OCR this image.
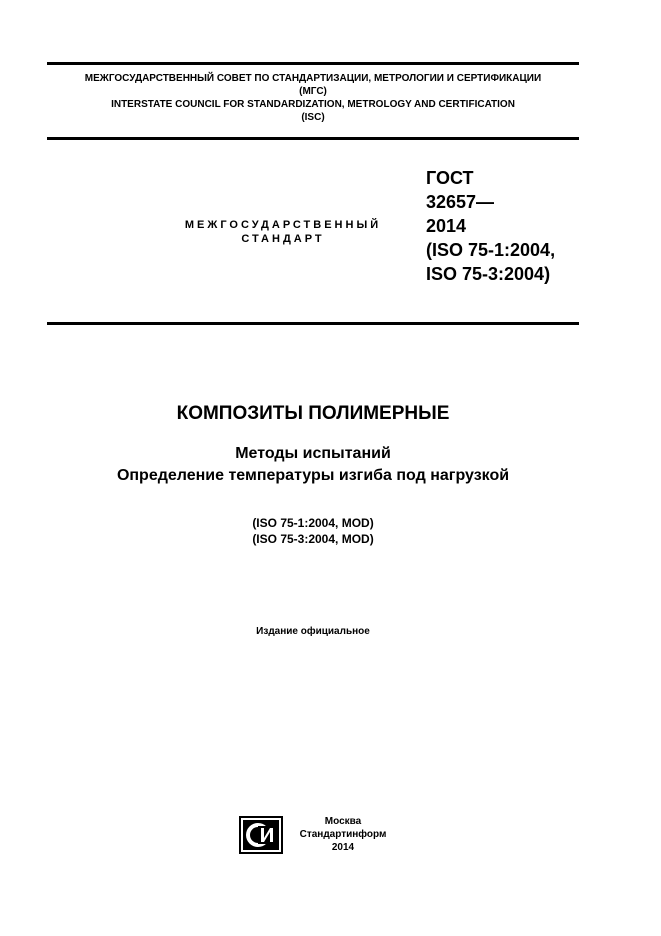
МЕЖГОСУДАРСТВЕННЫЙ СОВЕТ ПО СТАНДАРТИЗАЦИИ, МЕТРОЛОГИИ И СЕРТИФИКАЦИИ
(МГС)
INTERSTATE COUNCIL FOR STANDARDIZATION, METROLOGY AND CERTIFICATION
(ISC)
МЕЖГОСУДАРСТВЕННЫЙ
СТАНДАРТ
ГОСТ
32657—
2014
(ISO 75-1:2004,
ISO 75-3:2004)
КОМПОЗИТЫ ПОЛИМЕРНЫЕ
Методы испытаний
Определение температуры изгиба под нагрузкой
(ISO 75-1:2004, MOD)
(ISO 75-3:2004, MOD)
Издание официальное
Москва
Стандартинформ
2014
